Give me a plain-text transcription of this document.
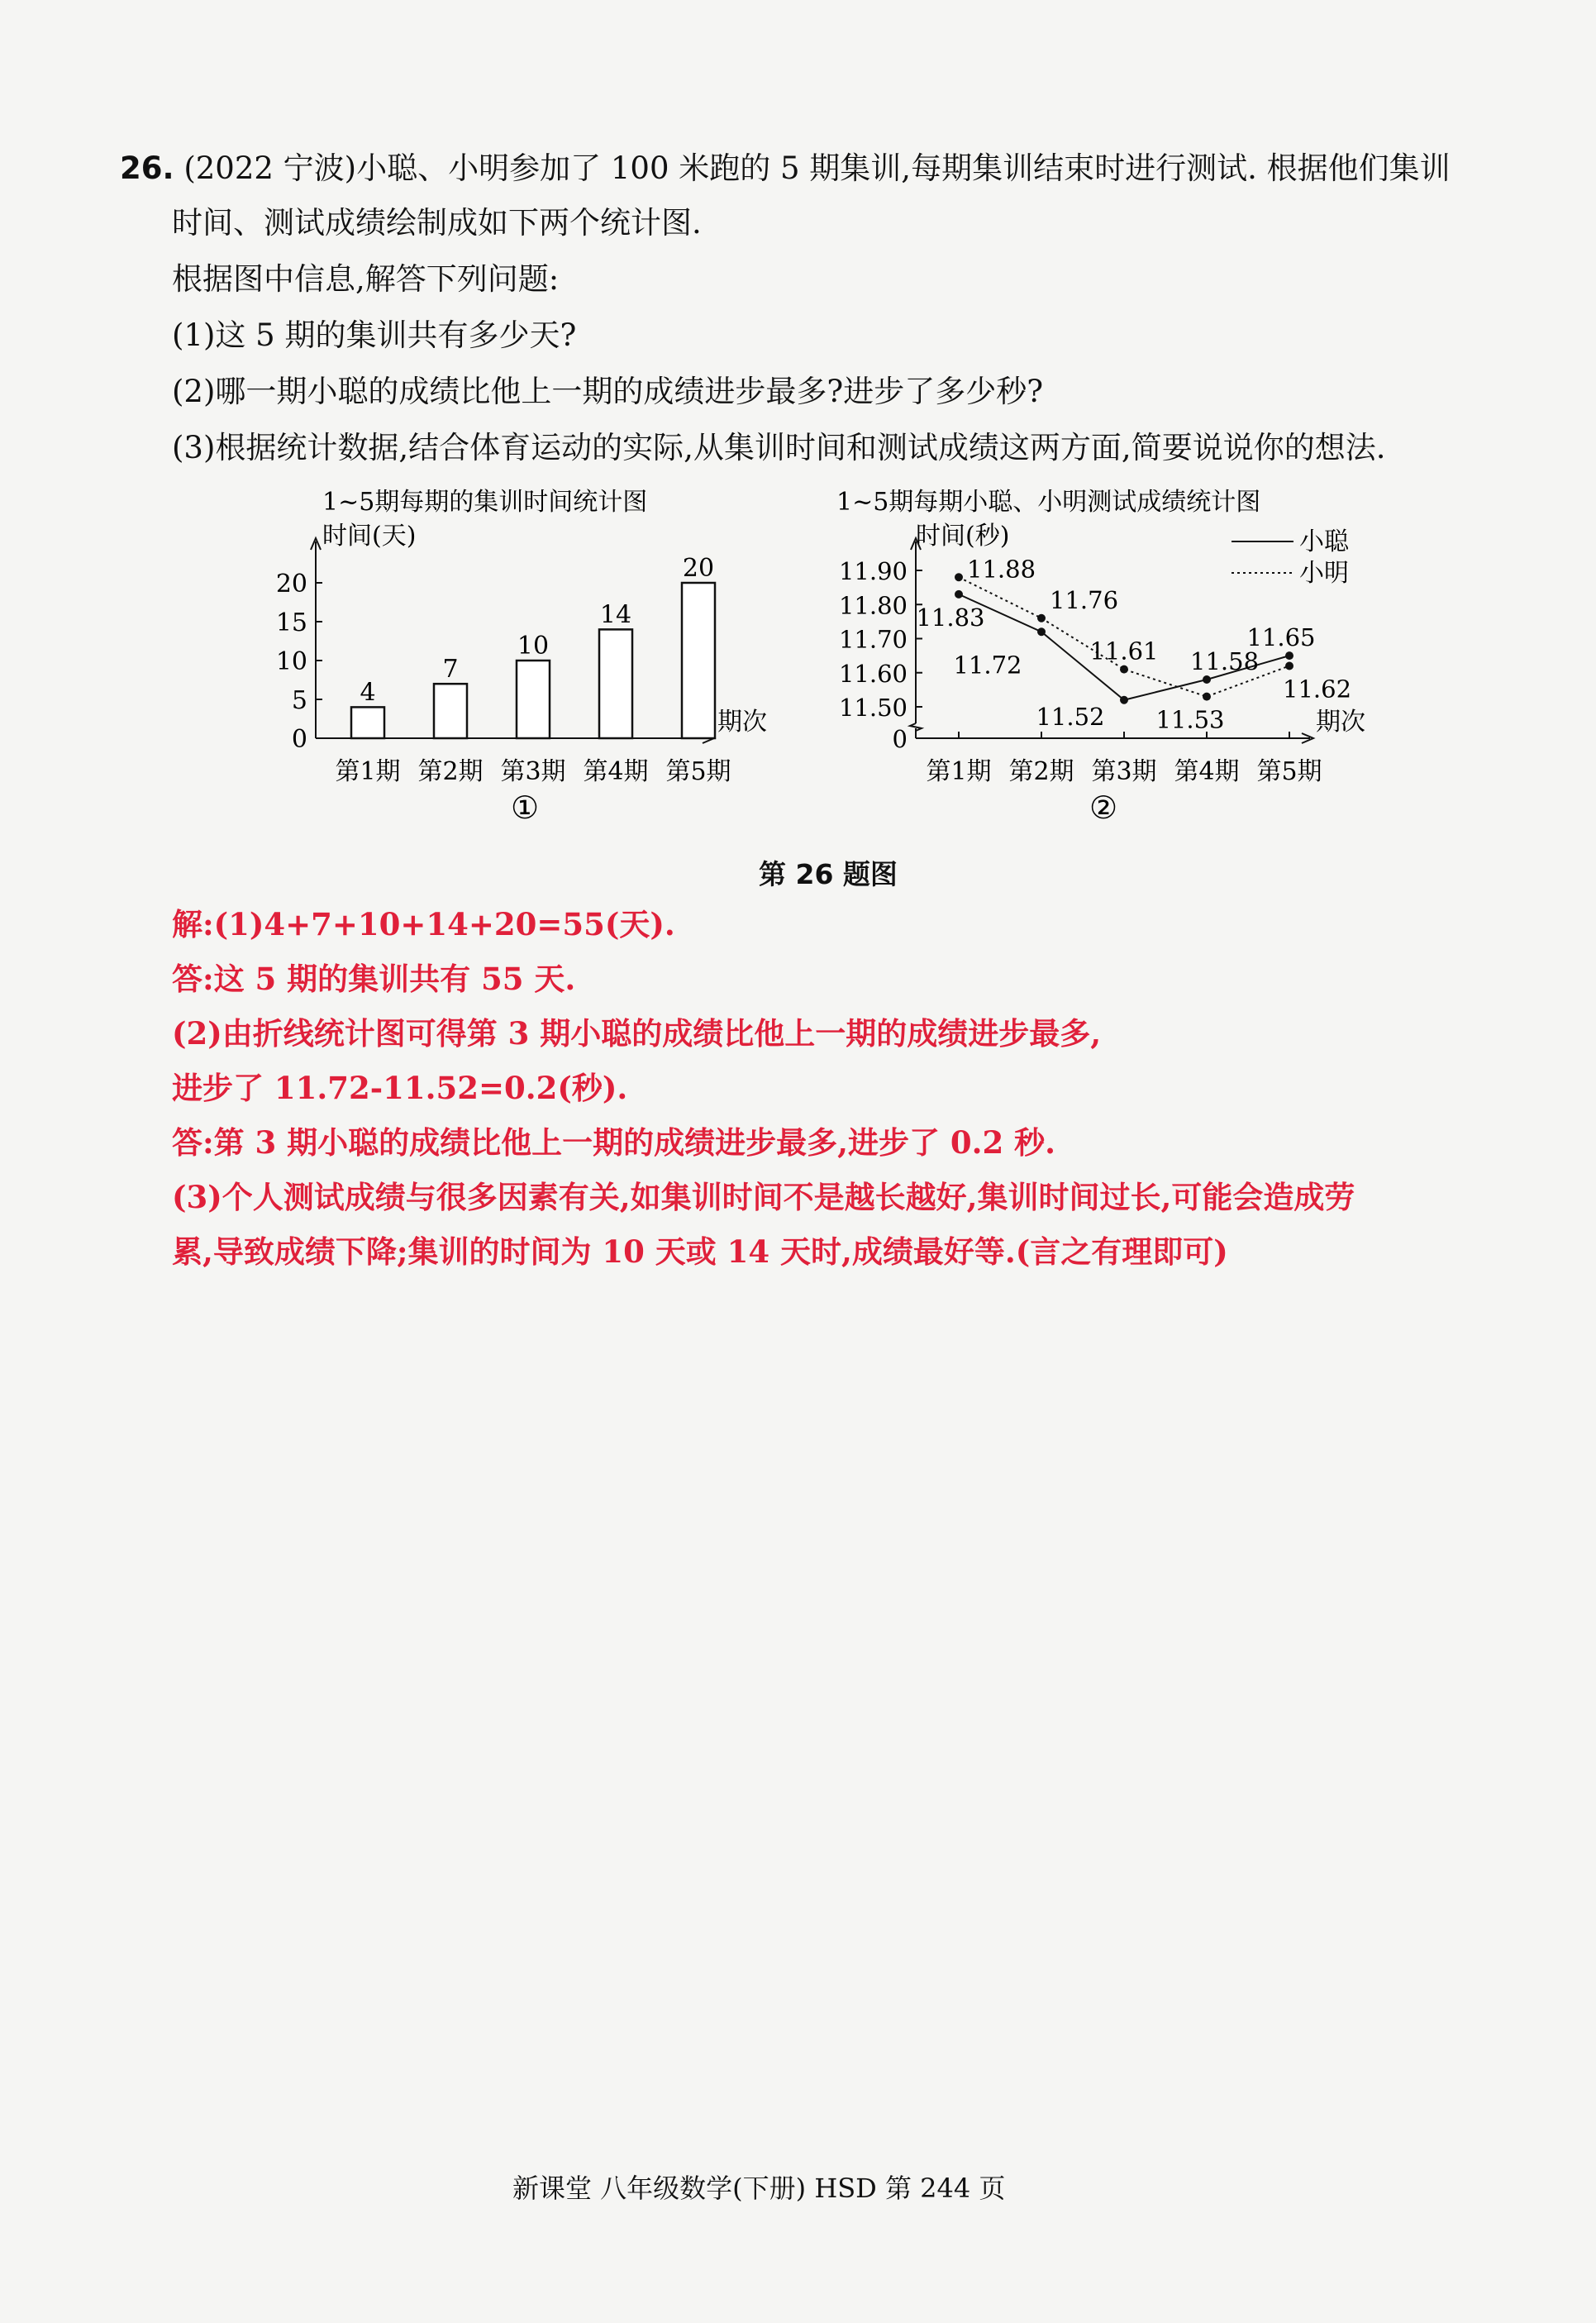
26. (2022 宁波)小聪、小明参加了 100 米跑的 5 期集训,每期集训结束时进行测试. 根据他们集训
时间、测试成绩绘制成如下两个统计图.
根据图中信息,解答下列问题:
(1)这 5 期的集训共有多少天?
(2)哪一期小聪的成绩比他上一期的成绩进步最多?进步了多少秒?
(3)根据统计数据,结合体育运动的实际,从集训时间和测试成绩这两方面,简要说说你的想法.
1~5期每期的集训时间统计图
时间(天)
期次
0
5
10
15
20
4
第1期
7
第2期
10
第3期
14
第4期
20
第5期
①
1~5期每期小聪、小明测试成绩统计图
时间(秒)
期次
0
11.50
11.60
11.70
11.80
11.90
第1期 第2期 第3期 第4期 第5期
小聪
小明
11.83
11.72
11.52
11.58
11.65
11.88
11.76
11.61
11.53
11.62
②
第 26 题图
解:(1)4+7+10+14+20=55(天).
答:这 5 期的集训共有 55 天.
(2)由折线统计图可得第 3 期小聪的成绩比他上一期的成绩进步最多,
进步了 11.72-11.52=0.2(秒).
答:第 3 期小聪的成绩比他上一期的成绩进步最多,进步了 0.2 秒.
(3)个人测试成绩与很多因素有关,如集训时间不是越长越好,集训时间过长,可能会造成劳
累,导致成绩下降;集训的时间为 10 天或 14 天时,成绩最好等.(言之有理即可)
新课堂 八年级数学(下册) HSD 第 244 页
